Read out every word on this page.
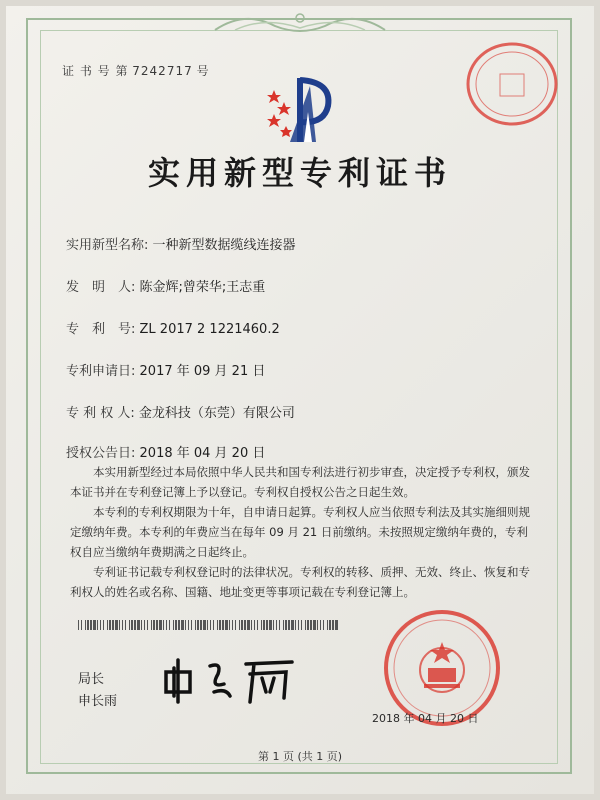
证 书 号 第 7242717 号
实用新型专利证书
实用新型名称: 一种新型数据缆线连接器
发　明　人: 陈金辉;曾荣华;王志重
专　利　号: ZL 2017 2 1221460.2
专利申请日: 2017 年 09 月 21 日
专 利 权 人: 金龙科技（东莞）有限公司
授权公告日: 2018 年 04 月 20 日

本实用新型经过本局依照中华人民共和国专利法进行初步审查，决定授予专利权，颁发本证书并在专利登记簿上予以登记。专利权自授权公告之日起生效。

本专利的专利权期限为十年，自申请日起算。专利权人应当依照专利法及其实施细则规定缴纳年费。本专利的年费应当在每年 09 月 21 日前缴纳。未按照规定缴纳年费的，专利权自应当缴纳年费期满之日起终止。

专利证书记载专利权登记时的法律状况。专利权的转移、质押、无效、终止、恢复和专利权人的姓名或名称、国籍、地址变更等事项记载在专利登记簿上。

局长
申长雨
2018 年 04 月 20 日
第 1 页 (共 1 页)
